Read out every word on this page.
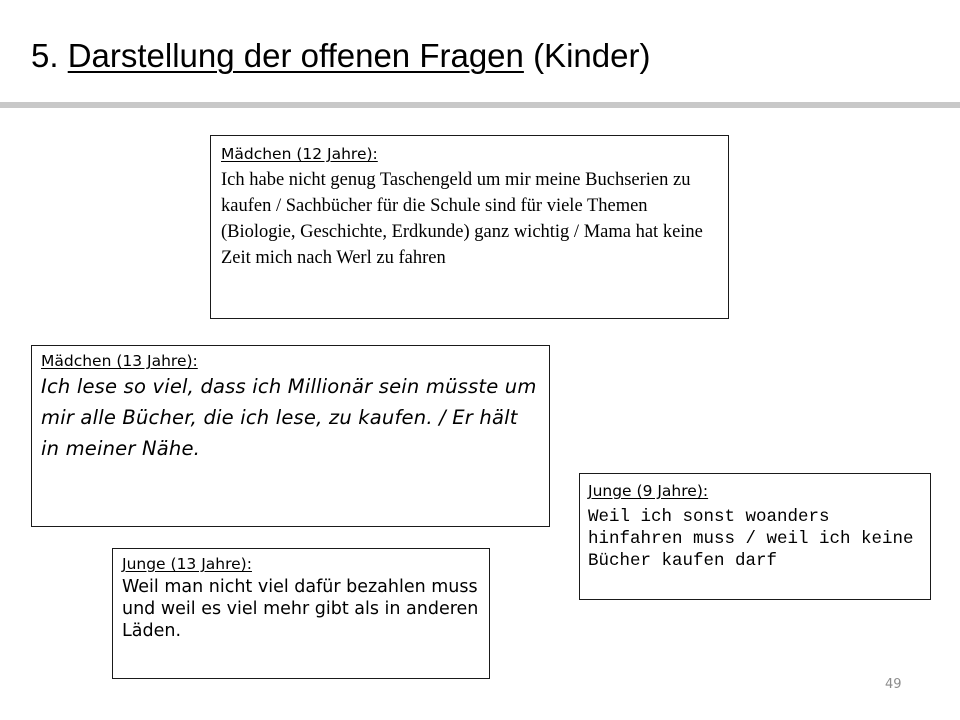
5. Darstellung der offenen Fragen (Kinder)
Mädchen (12 Jahre):

Ich habe nicht genug Taschengeld um mir meine Buchserien zu kaufen / Sachbücher für die Schule sind für viele Themen (Biologie, Geschichte, Erdkunde) ganz wichtig / Mama hat keine Zeit mich nach Werl zu fahren

Mädchen (13 Jahre):

Ich lese so viel, dass ich Millionär sein müsste um mir alle Bücher, die ich lese, zu kaufen. / Er hält in meiner Nähe.

Junge (9 Jahre):

Weil ich sonst woanders hinfahren muss / weil ich keine Bücher kaufen darf

Junge (13 Jahre):

Weil man nicht viel dafür bezahlen muss und weil es viel mehr gibt als in anderen Läden.

49
